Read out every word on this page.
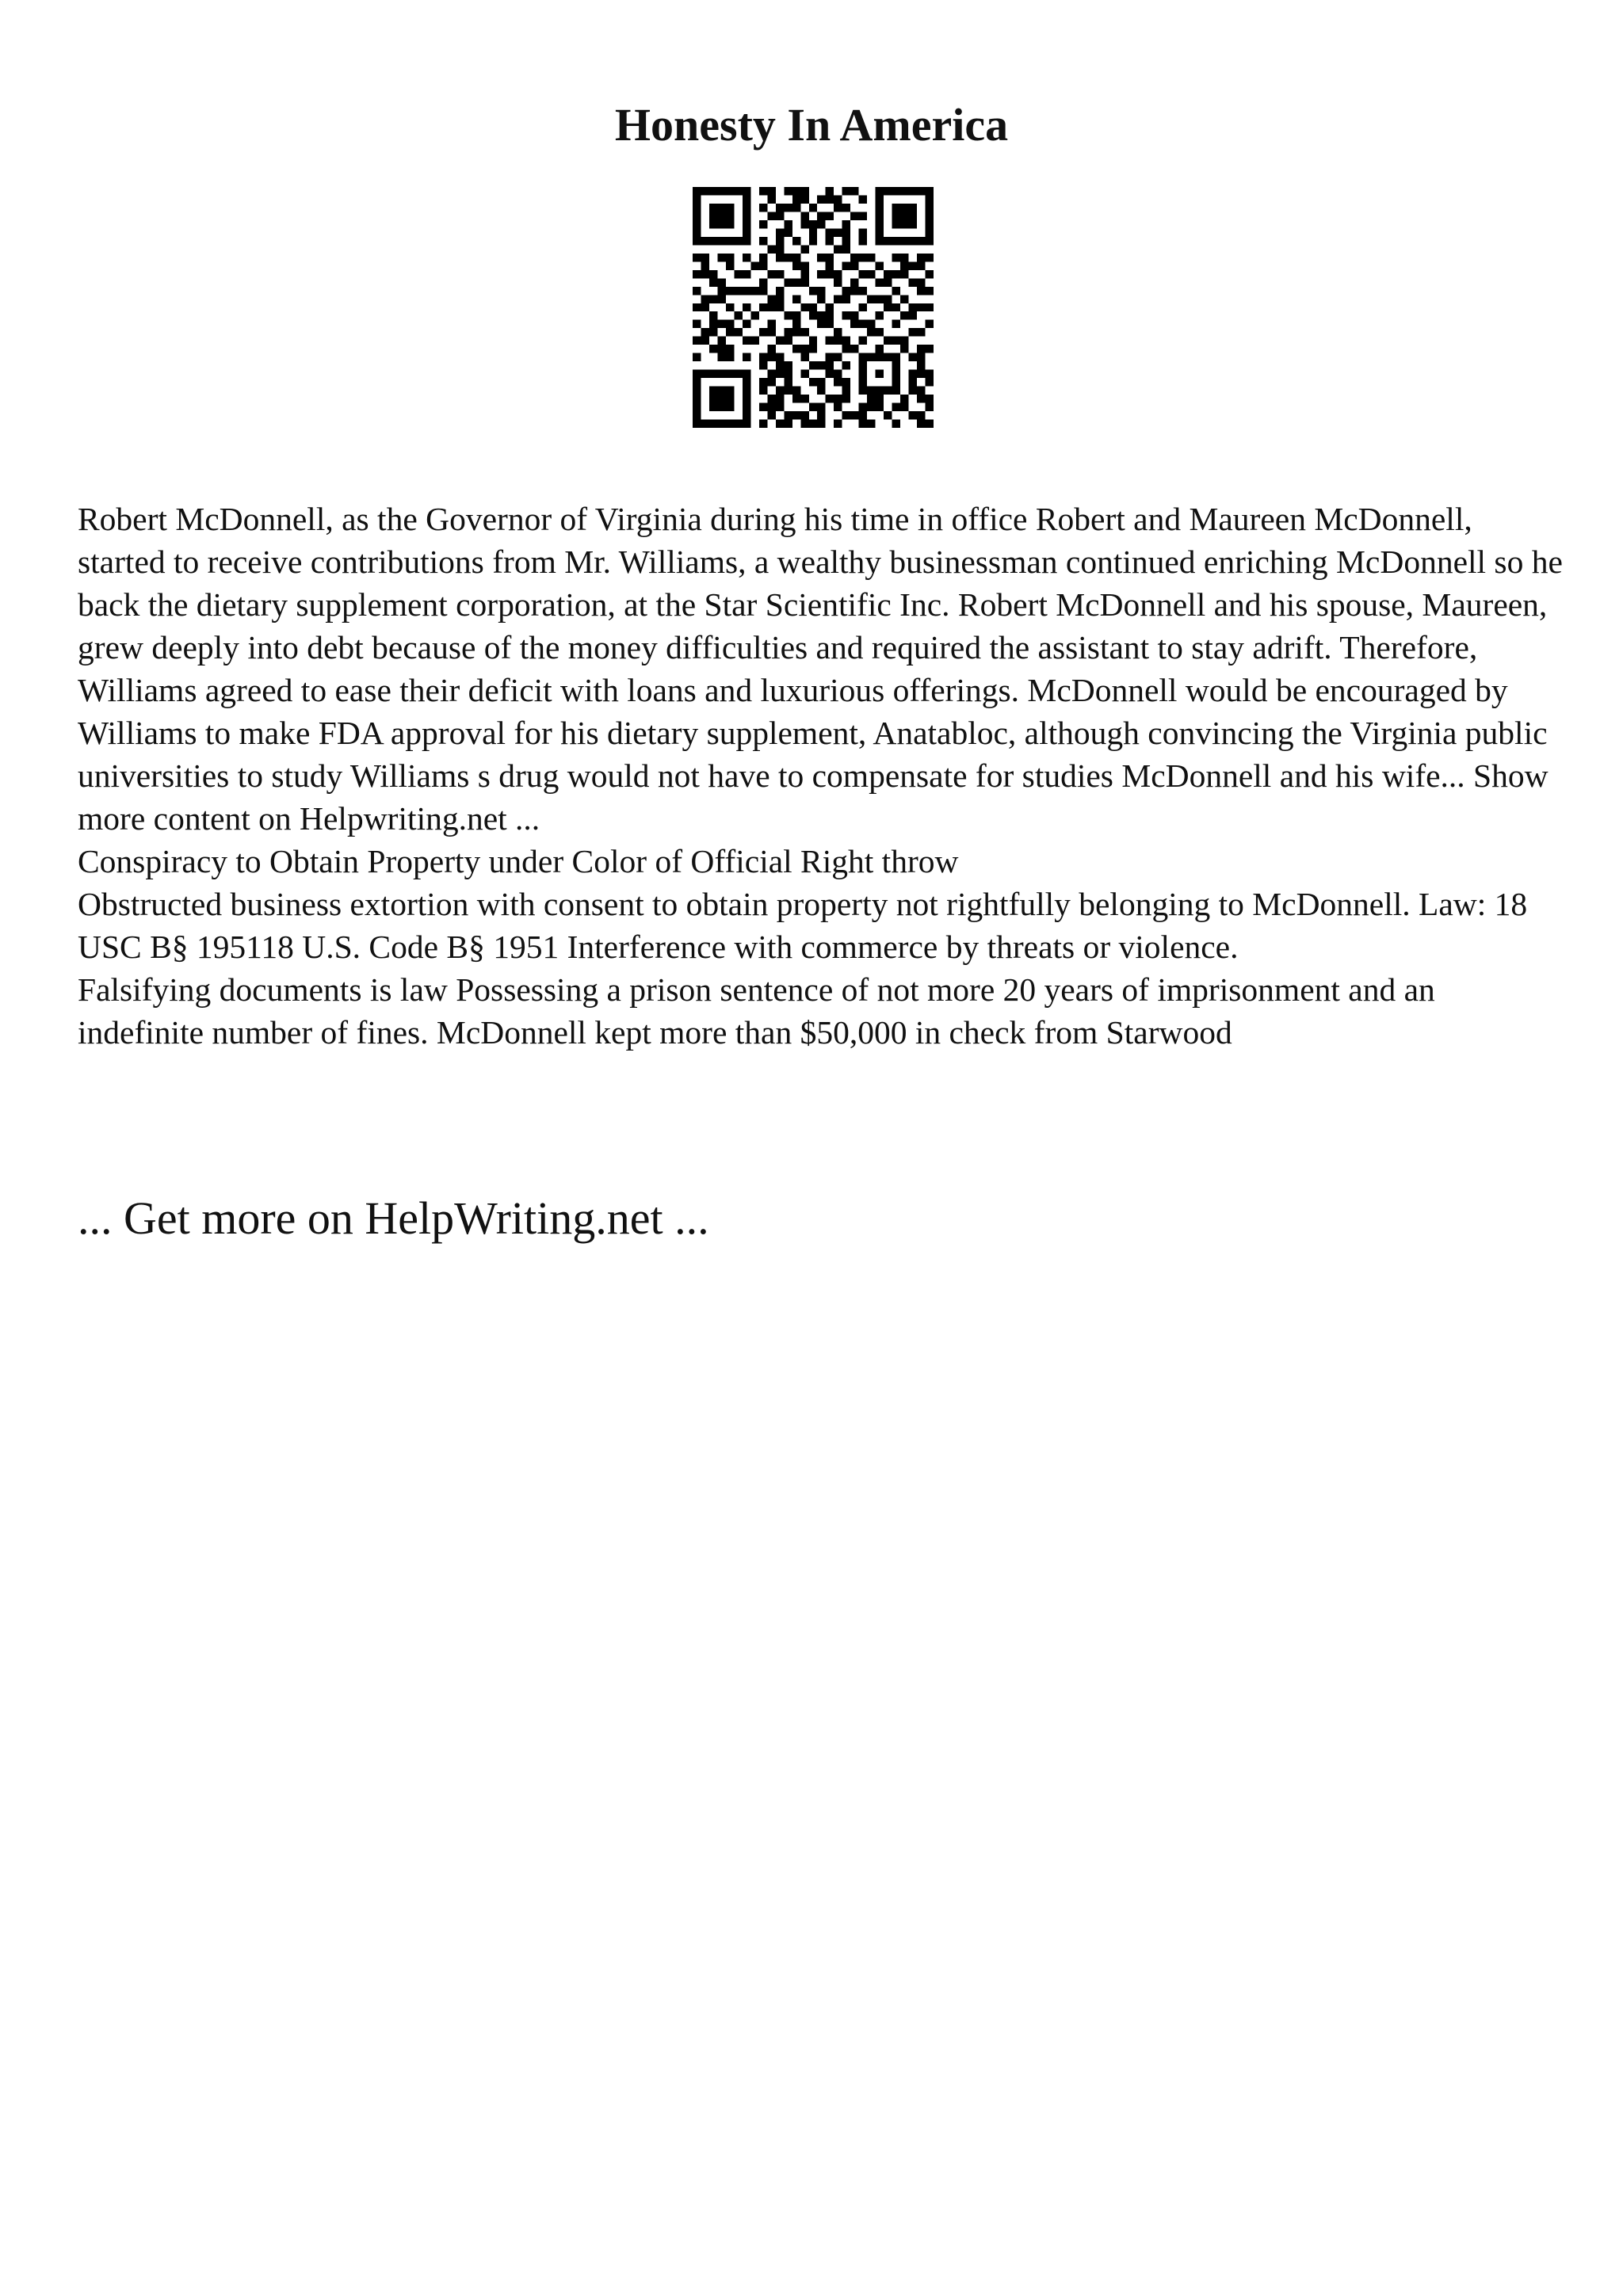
Honesty In America

Robert McDonnell, as the Governor of Virginia during his time in office Robert and Maureen McDonnell, started to receive contributions from Mr. Williams, a wealthy businessman continued enriching McDonnell so he back the dietary supplement corporation, at the Star Scientific Inc. Robert McDonnell and his spouse, Maureen, grew deeply into debt because of the money difficulties and required the assistant to stay adrift. Therefore, Williams agreed to ease their deficit with loans and luxurious offerings. McDonnell would be encouraged by Williams to make FDA approval for his dietary supplement, Anatabloc, although convincing the Virginia public universities to study Williams s drug would not have to compensate for studies McDonnell and his wife... Show more content on Helpwriting.net ...

Conspiracy to Obtain Property under Color of Official Right throw

Obstructed business extortion with consent to obtain property not rightfully belonging to McDonnell. Law: 18 USC B§ 195118 U.S. Code B§ 1951 Interference with commerce by threats or violence.

Falsifying documents is law Possessing a prison sentence of not more 20 years of imprisonment and an indefinite number of fines. McDonnell kept more than $50,000 in check from Starwood

... Get more on HelpWriting.net ...
